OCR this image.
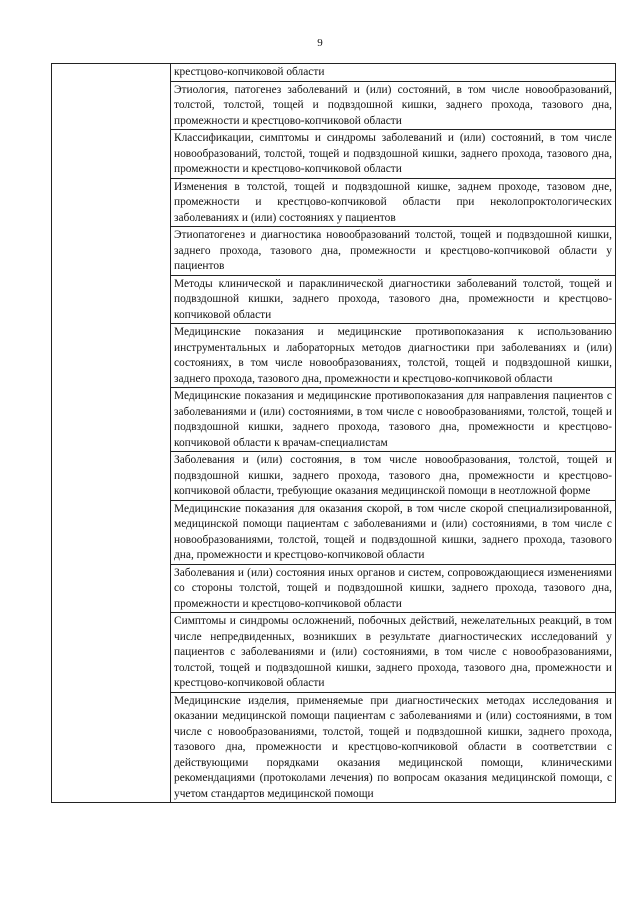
9
	крестцово-копчиковой области
Этиология, патогенез заболеваний и (или) состояний, в том числе новообразований, толстой, толстой, тощей и подвздошной кишки, заднего прохода, тазового дна, промежности и крестцово-копчиковой области
Классификации, симптомы и синдромы заболеваний и (или) состояний, в том числе новообразований, толстой, тощей и подвздошной кишки, заднего прохода, тазового дна, промежности и крестцово-копчиковой области
Изменения в толстой, тощей и подвздошной кишке, заднем проходе, тазовом дне, промежности и крестцово-копчиковой области при неколопроктологических заболеваниях и (или) состояниях у пациентов
Этиопатогенез и диагностика новообразований толстой, тощей и подвздошной кишки, заднего прохода, тазового дна, промежности и крестцово-копчиковой области у пациентов
Методы клинической и параклинической диагностики заболеваний толстой, тощей и подвздошной кишки, заднего прохода, тазового дна, промежности и крестцово-копчиковой области
Медицинские показания и медицинские противопоказания к использованию инструментальных и лабораторных методов диагностики при заболеваниях и (или) состояниях, в том числе новообразованиях, толстой, тощей и подвздошной кишки, заднего прохода, тазового дна, промежности и крестцово-копчиковой области
Медицинские показания и медицинские противопоказания для направления пациентов с заболеваниями и (или) состояниями, в том числе с новообразованиями, толстой, тощей и подвздошной кишки, заднего прохода, тазового дна, промежности и крестцово-копчиковой области к врачам-специалистам
Заболевания и (или) состояния, в том числе новообразования, толстой, тощей и подвздошной кишки, заднего прохода, тазового дна, промежности и крестцово-копчиковой области, требующие оказания медицинской помощи в неотложной форме
Медицинские показания для оказания скорой, в том числе скорой специализированной, медицинской помощи пациентам с заболеваниями и (или) состояниями, в том числе с новообразованиями, толстой, тощей и подвздошной кишки, заднего прохода, тазового дна, промежности и крестцово-копчиковой области
Заболевания и (или) состояния иных органов и систем, сопровождающиеся изменениями со стороны толстой, тощей и подвздошной кишки, заднего прохода, тазового дна, промежности и крестцово-копчиковой области
Симптомы и синдромы осложнений, побочных действий, нежелательных реакций, в том числе непредвиденных, возникших в результате диагностических исследований у пациентов с заболеваниями и (или) состояниями, в том числе с новообразованиями, толстой, тощей и подвздошной кишки, заднего прохода, тазового дна, промежности и крестцово-копчиковой области
Медицинские изделия, применяемые при диагностических методах исследования и оказании медицинской помощи пациентам с заболеваниями и (или) состояниями, в том числе с новообразованиями, толстой, тощей и подвздошной кишки, заднего прохода, тазового дна, промежности и крестцово-копчиковой области в соответствии с действующими порядками оказания медицинской помощи, клиническими рекомендациями (протоколами лечения) по вопросам оказания медицинской помощи, с учетом стандартов медицинской помощи
